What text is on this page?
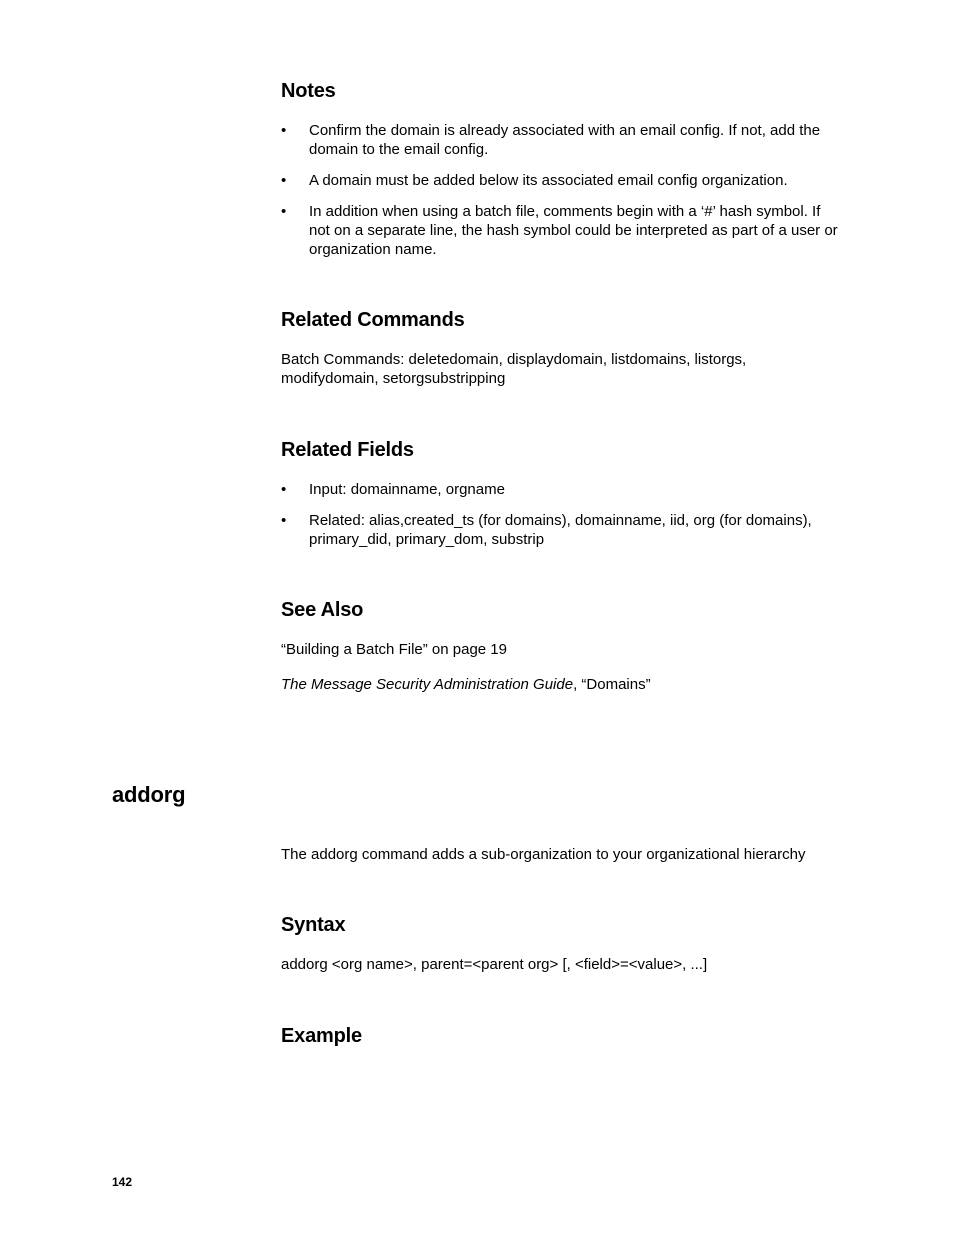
Notes
•	Confirm the domain is already associated with an email config. If not, add the domain to the email config.
•	A domain must be added below its associated email config organization.
•	In addition when using a batch file, comments begin with a ‘#’ hash symbol. If not on a separate line, the hash symbol could be interpreted as part of a user or organization name.
Related Commands

Batch Commands: deletedomain, displaydomain, listdomains, listorgs, modifydomain, setorgsubstripping

Related Fields
•	Input: domainname, orgname
•	Related: alias,created_ts (for domains), domainname, iid, org (for domains), primary_did, primary_dom, substrip
See Also

“Building a Batch File” on page 19

The Message Security Administration Guide, “Domains”

addorg

The addorg command adds a sub-organization to your organizational hierarchy

Syntax

addorg <org name>, parent=<parent org> [, <field>=<value>, ...]

Example
142
